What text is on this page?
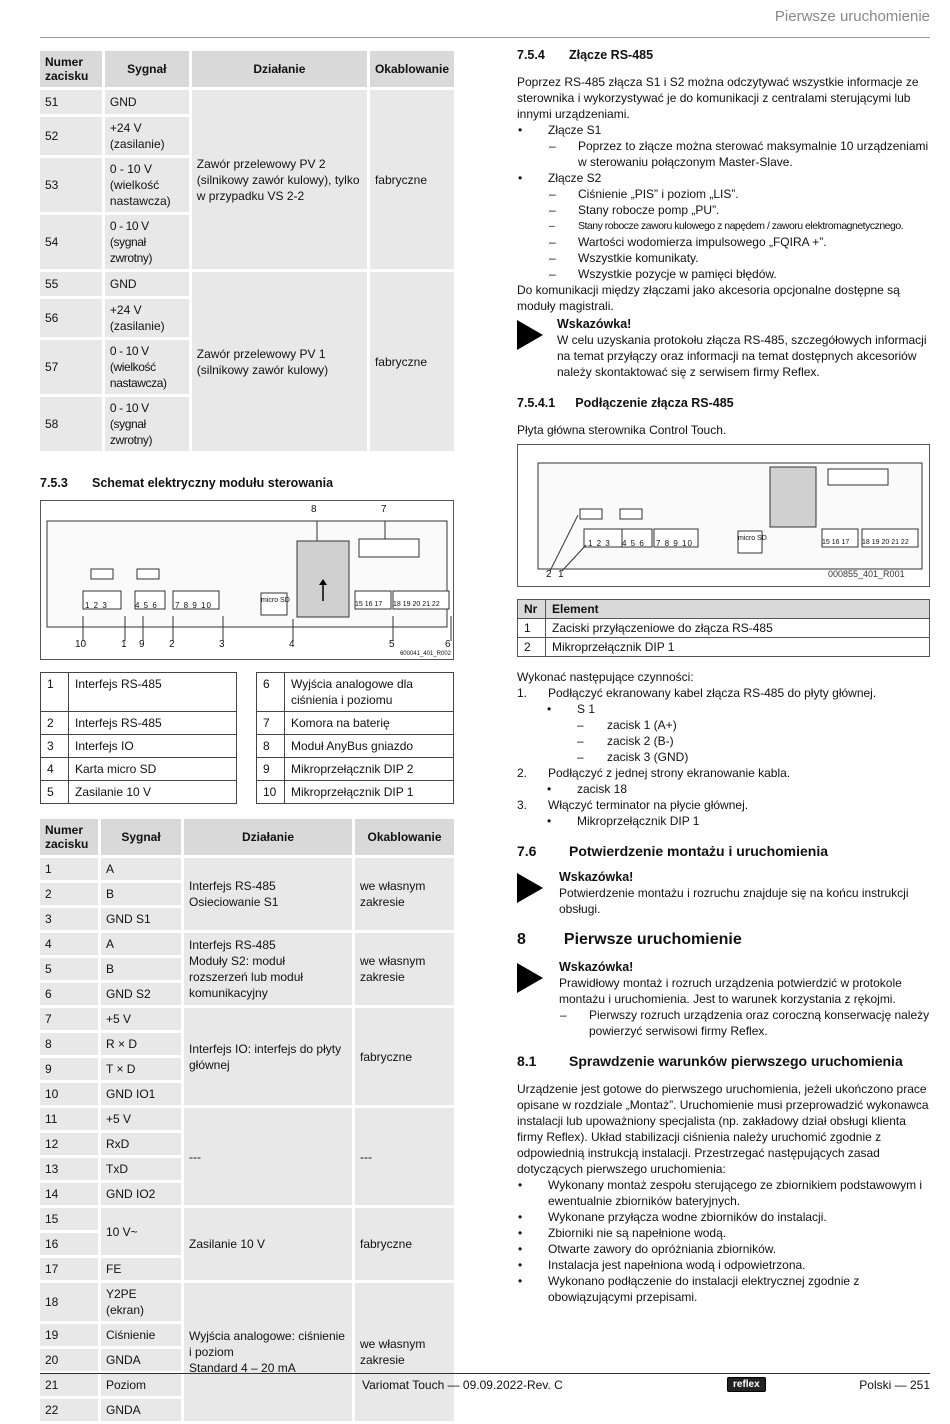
Pierwsze uruchomienie
Numer zacisku	Sygnał	Działanie	Okablowanie
51	GND	Zawór przelewowy PV 2 (silnikowy zawór kulowy), tylko w przypadku VS 2-2	fabryczne
52	+24 V (zasilanie)		
53	0 - 10 V (wielkość nastawcza)		
54	0 - 10 V (sygnał zwrotny)		
55	GND	Zawór przelewowy PV 1 (silnikowy zawór kulowy)	fabryczne
56	+24 V (zasilanie)		
57	0 - 10 V (wielkość nastawcza)		
58	0 - 10 V (sygnał zwrotny)		
7.5.3	Schemat elektryczny modułu sterowania
8	7
1 2 3	4 5 6 7 8 9 10	15 16 17 18 19 20 21 22
micro SD
10	1 9 2	3	4	5	6
600041_401_R002
1	Interfejs RS-485		6	Wyjścia analogowe dla ciśnienia i poziomu
2	Interfejs RS-485		7	Komora na baterię
3	Interfejs IO		8	Moduł AnyBus gniazdo
4	Karta micro SD		9	Mikroprzełącznik DIP 2
5	Zasilanie 10 V		10	Mikroprzełącznik DIP 1
Numer zacisku	Sygnał	Działanie	Okablowanie
1	A	Interfejs RS-485
Osieciowanie S1	we własnym zakresie
2	B		
3	GND S1		
4	A	Interfejs RS-485
Moduły S2: moduł rozszerzeń lub moduł komunikacyjny	we własnym zakresie
5	B		
6	GND S2		
7	+5 V	Interfejs IO: interfejs do płyty głównej	fabryczne
8	R × D		
9	T × D		
10	GND IO1		
11	+5 V	---	---
12	RxD		
13	TxD		
14	GND IO2		
15	10 V~	Zasilanie 10 V	fabryczne
16			
17	FE		
18	Y2PE (ekran)	Wyjścia analogowe: ciśnienie i poziom
Standard 4 – 20 mA	we własnym zakresie
19	Ciśnienie		
20	GNDA		
21	Poziom		
22	GNDA		
7.5.4	Złącze RS-485

Poprzez RS-485 złącza S1 i S2 można odczytywać wszystkie informacje ze sterownika i wykorzystywać je do komunikacji z centralami sterującymi lub innymi urządzeniami.

• Złącze S1
– Poprzez to złącze można sterować maksymalnie 10 urządzeniami w sterowaniu połączonym Master-Slave.
• Złącze S2
– Ciśnienie „PIS” i poziom „LIS”.
– Stany robocze pomp „PU”.
– Stany robocze zaworu kulowego z napędem / zaworu elektromagnetycznego.
– Wartości wodomierza impulsowego „FQIRA +”.
– Wszystkie komunikaty.
– Wszystkie pozycje w pamięci błędów.

Do komunikacji między złączami jako akcesoria opcjonalne dostępne są moduły magistrali.

Wskazówka!

W celu uzyskania protokołu złącza RS-485, szczegółowych informacji na temat przyłączy oraz informacji na temat dostępnych akcesoriów należy skontaktować się z serwisem firmy Reflex.

7.5.4.1 Podłączenie złącza RS-485

Płyta główna sterownika Control Touch.

1 2 3 4 5 6 7 8 9 10	15 16 17 18 19 20 21 22
micro SD
2 1	000855_401_R001
Nr	Element
1	Zaciski przyłączeniowe do złącza RS-485
2	Mikroprzełącznik DIP 1

Wykonać następujące czynności:

1. Podłączyć ekranowany kabel złącza RS-485 do płyty głównej.
• S 1
– zacisk 1 (A+)
– zacisk 2 (B-)
– zacisk 3 (GND)
2. Podłączyć z jednej strony ekranowanie kabla.
• zacisk 18
3. Włączyć terminator na płycie głównej.
• Mikroprzełącznik DIP 1
7.6	Potwierdzenie montażu i uruchomienia
Wskazówka!

Potwierdzenie montażu i rozruchu znajduje się na końcu instrukcji obsługi.

8 Pierwsze uruchomienie
Wskazówka!

Prawidłowy montaż i rozruch urządzenia potwierdzić w protokole montażu i uruchomienia. Jest to warunek korzystania z rękojmi.

– Pierwszy rozruch urządzenia oraz coroczną konserwację należy powierzyć serwisowi firmy Reflex.
8.1	Sprawdzenie warunków pierwszego uruchomienia

Urządzenie jest gotowe do pierwszego uruchomienia, jeżeli ukończono prace opisane w rozdziale „Montaż”. Uruchomienie musi przeprowadzić wykonawca instalacji lub upoważniony specjalista (np. zakładowy dział obsługi klienta firmy Reflex). Układ stabilizacji ciśnienia należy uruchomić zgodnie z odpowiednią instrukcją instalacji. Przestrzegać następujących zasad dotyczących pierwszego uruchomienia:

• Wykonany montaż zespołu sterującego ze zbiornikiem podstawowym i ewentualnie zbiorników bateryjnych.
• Wykonane przyłącza wodne zbiorników do instalacji.
• Zbiorniki nie są napełnione wodą.
• Otwarte zawory do opróżniania zbiorników.
• Instalacja jest napełniona wodą i odpowietrzona.
• Wykonano podłączenie do instalacji elektrycznej zgodnie z obowiązującymi przepisami.
Variomat Touch — 09.09.2022-Rev. C	reflex	Polski — 251
